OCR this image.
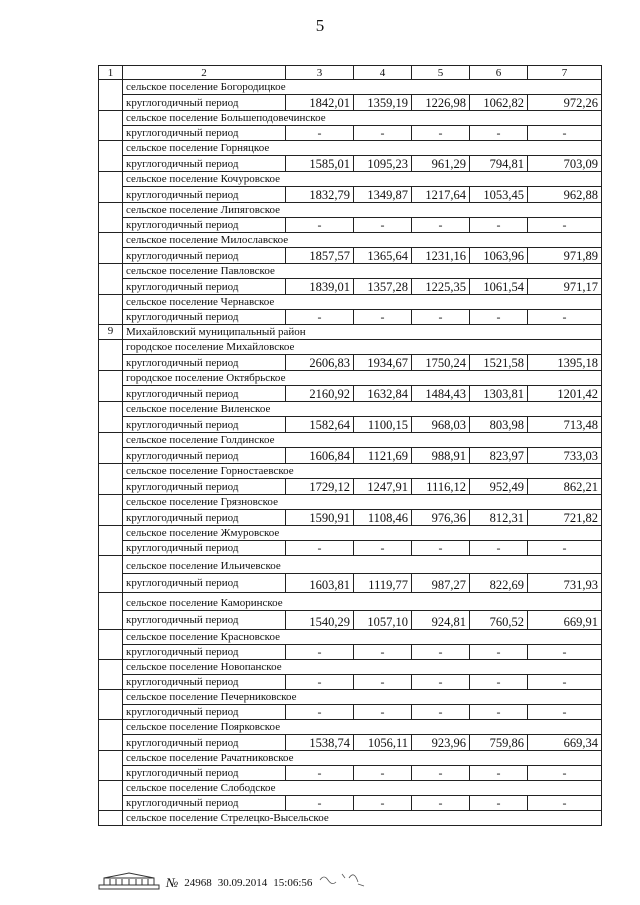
5
1	2	3	4	5	6	7
	сельское поселение Богородицкое					
	круглогодичный период	1842,01	1359,19	1226,98	1062,82	972,26
	сельское поселение Большеподовечинское					
	круглогодичный период	-	-	-	-	-
	сельское поселение Горняцкое					
	круглогодичный период	1585,01	1095,23	961,29	794,81	703,09
	сельское поселение Кочуровское					
	круглогодичный период	1832,79	1349,87	1217,64	1053,45	962,88
	сельское поселение Липяговское					
	круглогодичный период	-	-	-	-	-
	сельское поселение Милославское					
	круглогодичный период	1857,57	1365,64	1231,16	1063,96	971,89
	сельское поселение Павловское					
	круглогодичный период	1839,01	1357,28	1225,35	1061,54	971,17
	сельское поселение Чернавское					
	круглогодичный период	-	-	-	-	-
9	Михайловский муниципальный район					
	городское поселение Михайловское					
	круглогодичный период	2606,83	1934,67	1750,24	1521,58	1395,18
	городское поселение Октябрьское					
	круглогодичный период	2160,92	1632,84	1484,43	1303,81	1201,42
	сельское поселение Виленское					
	круглогодичный период	1582,64	1100,15	968,03	803,98	713,48
	сельское поселение Голдинское					
	круглогодичный период	1606,84	1121,69	988,91	823,97	733,03
	сельское поселение Горностаевское					
	круглогодичный период	1729,12	1247,91	1116,12	952,49	862,21
	сельское поселение Грязновское					
	круглогодичный период	1590,91	1108,46	976,36	812,31	721,82
	сельское поселение Жмуровское					
	круглогодичный период	-	-	-	-	-
	сельское поселение Ильичевское					
	круглогодичный период	1603,81	1119,77	987,27	822,69	731,93
	сельское поселение Каморинское					
	круглогодичный период	1540,29	1057,10	924,81	760,52	669,91
	сельское поселение Красновское					
	круглогодичный период	-	-	-	-	-
	сельское поселение Новопанское					
	круглогодичный период	-	-	-	-	-
	сельское поселение Печерниковское					
	круглогодичный период	-	-	-	-	-
	сельское поселение Поярковское					
	круглогодичный период	1538,74	1056,11	923,96	759,86	669,34
	сельское поселение Рачатниковское					
	круглогодичный период	-	-	-	-	-
	сельское поселение Слободское					
	круглогодичный период	-	-	-	-	-
	сельское поселение Стрелецко-Высельское					
№ 24968 30.09.2014 15:06:56
